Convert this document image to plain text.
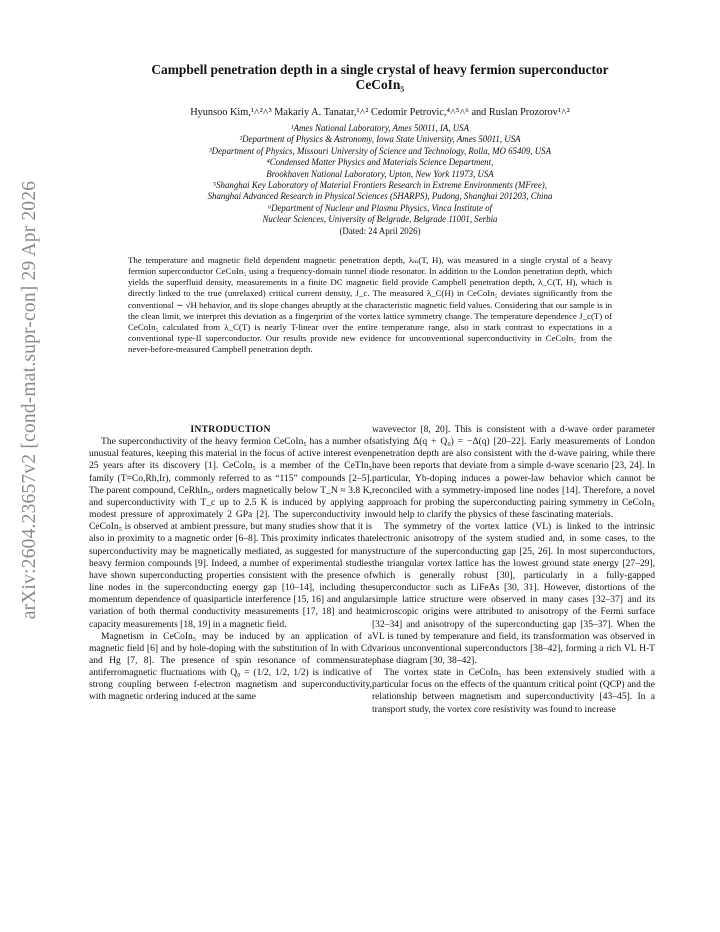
arXiv:2604.23657v2 [cond-mat.supr-con] 29 Apr 2026
Campbell penetration depth in a single crystal of heavy fermion superconductor
CeCoIn₅
Hyunsoo Kim,¹˄²˄³ Makariy A. Tanatar,¹˄² Cedomir Petrovic,⁴˄⁵˄⁶ and Ruslan Prozorov¹˄²
¹Ames National Laboratory, Ames 50011, IA, USA
²Department of Physics & Astronomy, Iowa State University, Ames 50011, USA
³Department of Physics, Missouri University of Science and Technology, Rolla, MO 65409, USA
⁴Condensed Matter Physics and Materials Science Department,
Brookhaven National Laboratory, Upton, New York 11973, USA
⁵Shanghai Key Laboratory of Material Frontiers Research in Extreme Environments (MFree),
Shanghai Advanced Research in Physical Sciences (SHARPS), Pudong, Shanghai 201203, China
⁶Department of Nuclear and Plasma Physics, Vinca Institute of
Nuclear Sciences, University of Belgrade, Belgrade 11001, Serbia
(Dated: 24 April 2026)
The temperature and magnetic field dependent magnetic penetration depth, λₘ(T, H), was measured in a single crystal of a heavy fermion superconductor CeCoIn₅ using a frequency-domain tunnel diode resonator. In addition to the London penetration depth, which yields the superfluid density, measurements in a finite DC magnetic field provide Campbell penetration depth, λ_C(T, H), which is directly linked to the true (unrelaxed) critical current density, J_c. The measured λ_C(H) in CeCoIn₅ deviates significantly from the conventional ∼ √H behavior, and its slope changes abruptly at the characteristic magnetic field values. Considering that our sample is in the clean limit, we interpret this deviation as a fingerprint of the vortex lattice symmetry change. The temperature dependence J_c(T) of CeCoIn₅ calculated from λ_C(T) is nearly T-linear over the entire temperature range, also in stark contrast to expectations in a conventional type-II superconductor. Our results provide new evidence for unconventional superconductivity in CeCoIn₅ from the never-before-measured Campbell penetration depth.

INTRODUCTION

The superconductivity of the heavy fermion CeCoIn₅ has a number of unusual features, keeping this material in the focus of active interest even 25 years after its discovery [1]. CeCoIn₅ is a member of the CeTIn₅ family (T=Co,Rh,Ir), commonly referred to as “115” compounds [2–5]. The parent compound, CeRhIn₅, orders magnetically below T_N ≈ 3.8 K, and superconductivity with T_c up to 2.5 K is induced by applying a modest pressure of approximately 2 GPa [2]. The superconductivity in CeCoIn₅ is observed at ambient pressure, but many studies show that it is also in proximity to a magnetic order [6–8]. This proximity indicates that superconductivity may be magnetically mediated, as suggested for many heavy fermion compounds [9]. Indeed, a number of experimental studies have shown superconducting properties consistent with the presence of line nodes in the superconducting energy gap [10–14], including the momentum dependence of quasiparticle interference [15, 16] and angular variation of both thermal conductivity measurements [17, 18] and heat capacity measurements [18, 19] in a magnetic field.

Magnetism in CeCoIn₅ may be induced by an application of a magnetic field [6] and by hole-doping with the substitution of In with Cd and Hg [7, 8]. The presence of spin resonance of commensurate antiferromagnetic fluctuations with Q₀ = (1/2, 1/2, 1/2) is indicative of strong coupling between f-electron magnetism and superconductivity, with magnetic ordering induced at the same

wavevector [8, 20]. This is consistent with a d-wave order parameter satisfying Δ(q + Q₀) = −Δ(q) [20–22]. Early measurements of London penetration depth are also consistent with the d-wave pairing, while there have been reports that deviate from a simple d-wave scenario [23, 24]. In particular, Yb-doping induces a power-law behavior which cannot be reconciled with a symmetry-imposed line nodes [14]. Therefore, a novel approach for probing the superconducting pairing symmetry in CeCoIn₅ would help to clarify the physics of these fascinating materials.

The symmetry of the vortex lattice (VL) is linked to the intrinsic electronic anisotropy of the system studied and, in some cases, to the structure of the superconducting gap [25, 26]. In most superconductors, the triangular vortex lattice has the lowest ground state energy [27–29], which is generally robust [30], particularly in a fully-gapped superconductor such as LiFeAs [30, 31]. However, distortions of the simple lattice structure were observed in many cases [32–37] and its microscopic origins were attributed to anisotropy of the Fermi surface [32–34] and anisotropy of the superconducting gap [35–37]. When the VL is tuned by temperature and field, its transformation was observed in various unconventional superconductors [38–42], forming a rich VL H-T phase diagram [30, 38–42].

The vortex state in CeCoIn₅ has been extensively studied with a particular focus on the effects of the quantum critical point (QCP) and the relationship between magnetism and superconductivity [43–45]. In a transport study, the vortex core resistivity was found to increase
